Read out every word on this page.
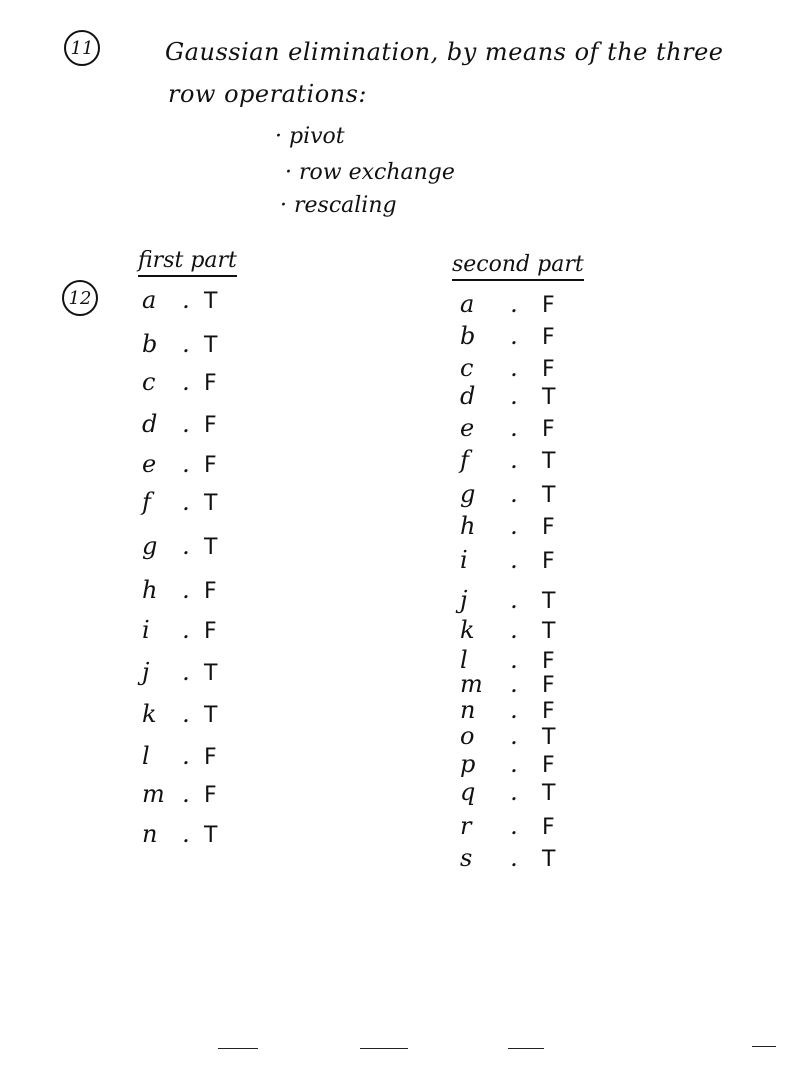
11	Gaussian elimination, by means of the three
row operations:
· pivot
· row exchange
· rescaling
12
first part	second part
a . T
b . T
c . F
d . F
e . F
f . T
g . T
h . F
i . F
j . T
k . T
l . F
m . F
n . T
a . F
b . F
c . F
d . T
e . F
f . T
g . T
h . F
i . F
j . T
k . T
l . F
m . F
n . F
o . T
p . F
q . T
r . F
s . T
